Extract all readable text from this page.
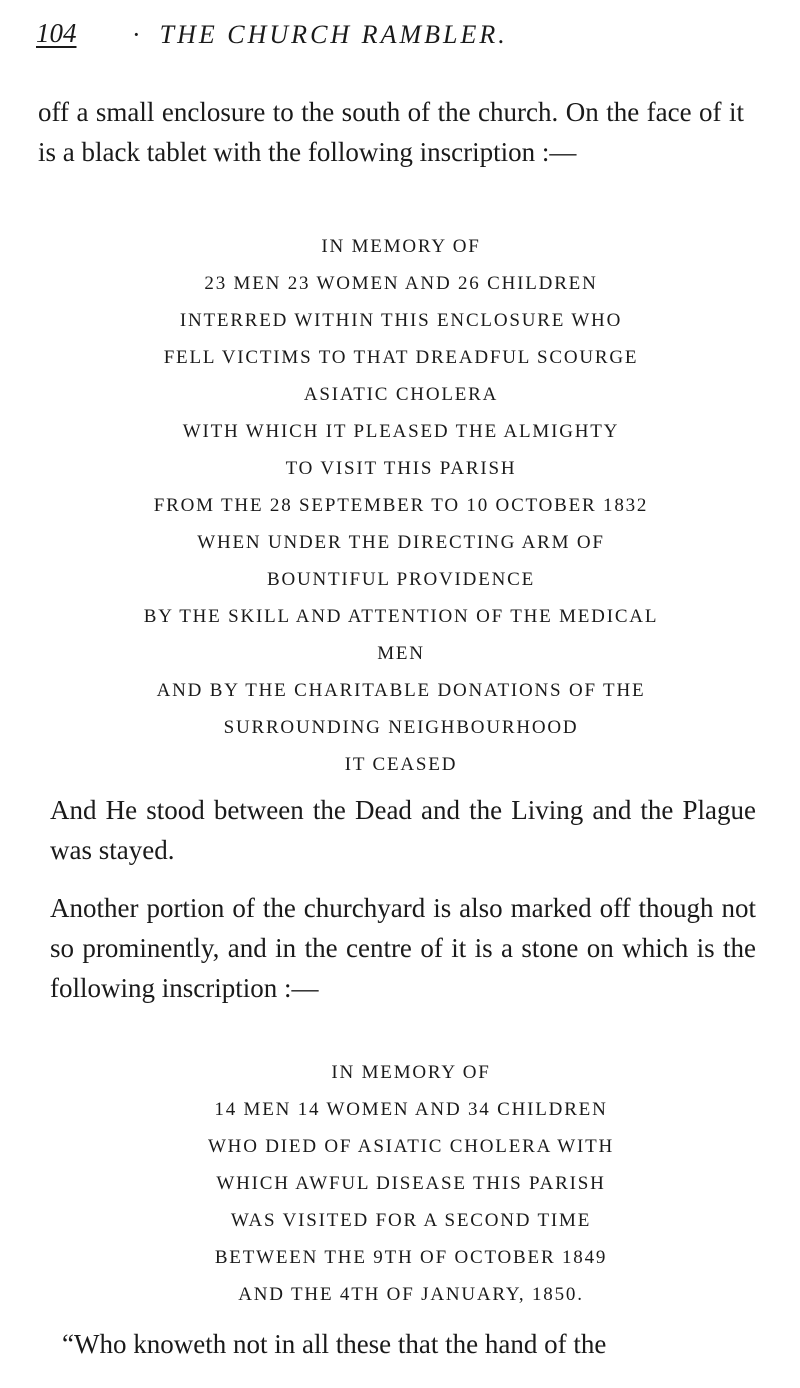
104 · THE CHURCH RAMBLER.

off a small enclosure to the south of the church. On the face of it is a black tablet with the following inscription :—

IN MEMORY OF
23 MEN 23 WOMEN AND 26 CHILDREN
INTERRED WITHIN THIS ENCLOSURE WHO
FELL VICTIMS TO THAT DREADFUL SCOURGE
ASIATIC CHOLERA
WITH WHICH IT PLEASED THE ALMIGHTY
TO VISIT THIS PARISH
FROM THE 28 SEPTEMBER TO 10 OCTOBER 1832
WHEN UNDER THE DIRECTING ARM OF
BOUNTIFUL PROVIDENCE
BY THE SKILL AND ATTENTION OF THE MEDICAL
MEN
AND BY THE CHARITABLE DONATIONS OF THE
SURROUNDING NEIGHBOURHOOD
IT CEASED

And He stood between the Dead and the Living and the Plague was stayed.

Another portion of the churchyard is also marked off though not so prominently, and in the centre of it is a stone on which is the following inscription :—

IN MEMORY OF
14 MEN 14 WOMEN AND 34 CHILDREN
WHO DIED OF ASIATIC CHOLERA WITH
WHICH AWFUL DISEASE THIS PARISH
WAS VISITED FOR A SECOND TIME
BETWEEN THE 9TH OF OCTOBER 1849
AND THE 4TH OF JANUARY, 1850.

“Who knoweth not in all these that the hand of the
